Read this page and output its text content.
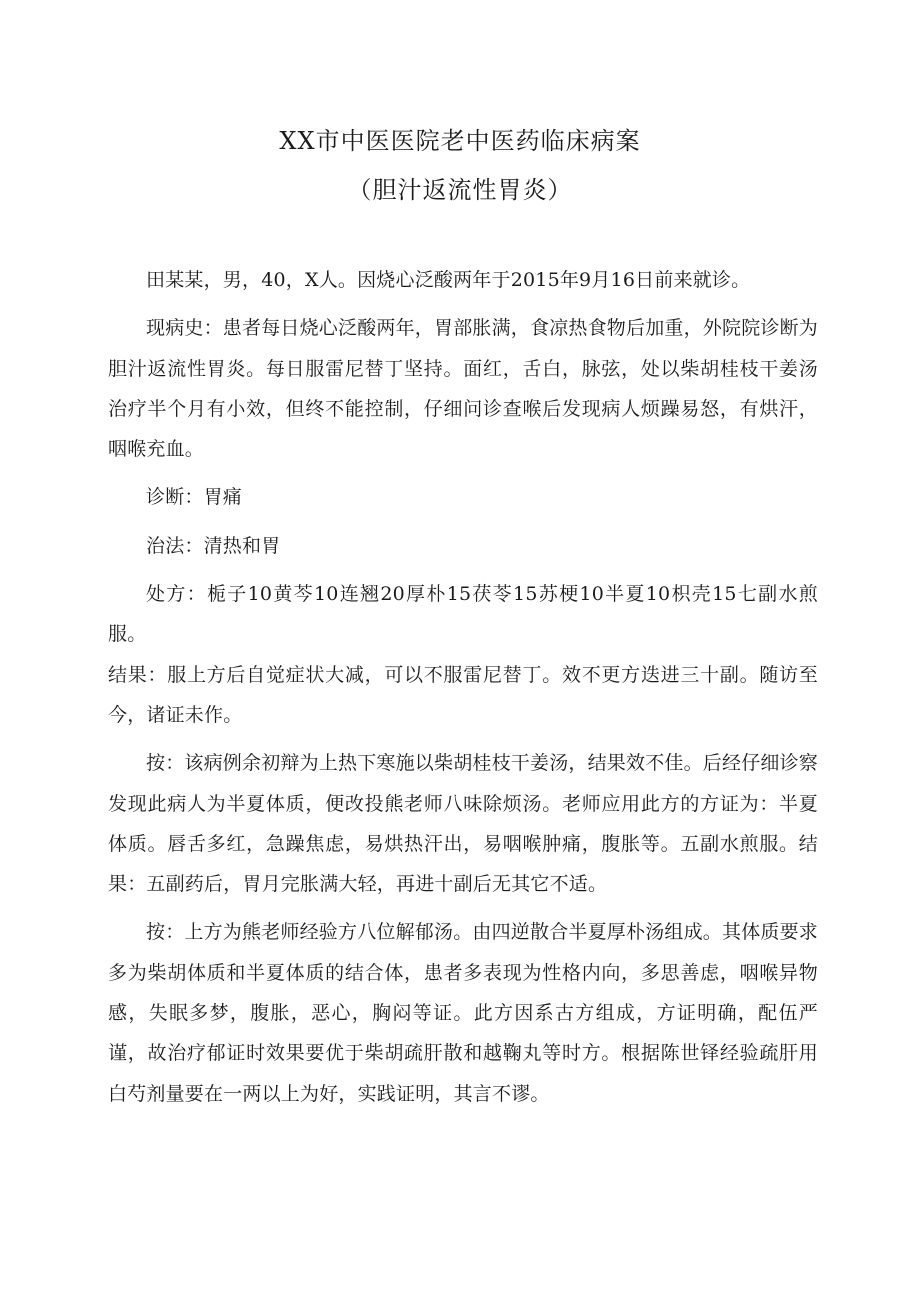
XX市中医医院老中医药临床病案
（胆汁返流性胃炎）

田某某，男，40，X人。因烧心泛酸两年于2015年9月16日前来就诊。

现病史：患者每日烧心泛酸两年，胃部胀满，食凉热食物后加重，外院院诊断为胆汁返流性胃炎。每日服雷尼替丁坚持。面红，舌白，脉弦，处以柴胡桂枝干姜汤治疗半个月有小效，但终不能控制，仔细问诊查喉后发现病人烦躁易怒，有烘汗，咽喉充血。

诊断：胃痛

治法：清热和胃

处方：栀子10黄芩10连翘20厚朴15茯苓15苏梗10半夏10枳壳15七副水煎服。

结果：服上方后自觉症状大减，可以不服雷尼替丁。效不更方迭进三十副。随访至今，诸证未作。

按：该病例余初辩为上热下寒施以柴胡桂枝干姜汤，结果效不佳。后经仔细诊察发现此病人为半夏体质，便改投熊老师八味除烦汤。老师应用此方的方证为：半夏体质。唇舌多红，急躁焦虑，易烘热汗出，易咽喉肿痛，腹胀等。五副水煎服。结果：五副药后，胃月完胀满大轻，再进十副后无其它不适。

按：上方为熊老师经验方八位解郁汤。由四逆散合半夏厚朴汤组成。其体质要求多为柴胡体质和半夏体质的结合体，患者多表现为性格内向，多思善虑，咽喉异物感，失眠多梦，腹胀，恶心，胸闷等证。此方因系古方组成，方证明确，配伍严谨，故治疗郁证时效果要优于柴胡疏肝散和越鞠丸等时方。根据陈世铎经验疏肝用白芍剂量要在一两以上为好，实践证明，其言不谬。
